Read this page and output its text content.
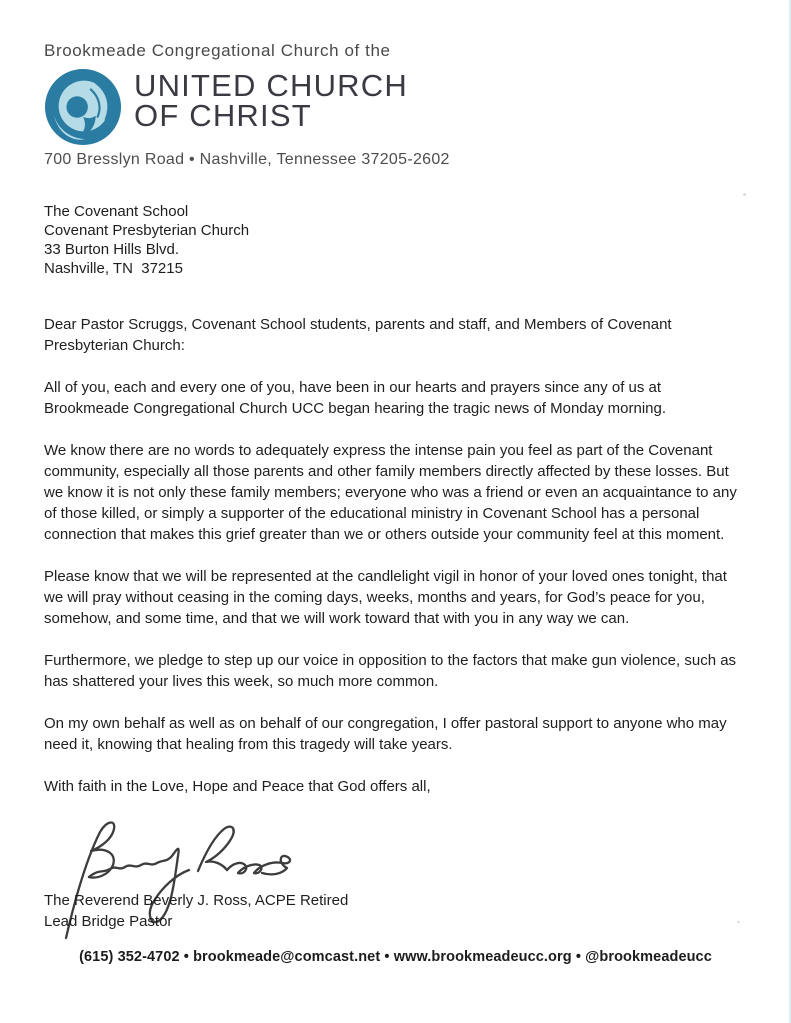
Brookmeade Congregational Church of the
UNITED CHURCH
OF CHRIST
700 Bresslyn Road • Nashville, Tennessee 37205-2602

The Covenant School

Covenant Presbyterian Church

33 Burton Hills Blvd.

Nashville, TN  37215

Dear Pastor Scruggs, Covenant School students, parents and staff, and Members of Covenant Presbyterian Church:

All of you, each and every one of you, have been in our hearts and prayers since any of us at Brookmeade Congregational Church UCC began hearing the tragic news of Monday morning.

We know there are no words to adequately express the intense pain you feel as part of the Covenant community, especially all those parents and other family members directly affected by these losses. But we know it is not only these family members; everyone who was a friend or even an acquaintance to any of those killed, or simply a supporter of the educational ministry in Covenant School has a personal connection that makes this grief greater than we or others outside your community feel at this moment.

Please know that we will be represented at the candlelight vigil in honor of your loved ones tonight, that we will pray without ceasing in the coming days, weeks, months and years, for God’s peace for you, somehow, and some time, and that we will work toward that with you in any way we can.

Furthermore, we pledge to step up our voice in opposition to the factors that make gun violence, such as has shattered your lives this week, so much more common.

On my own behalf as well as on behalf of our congregation, I offer pastoral support to anyone who may need it, knowing that healing from this tragedy will take years.

With faith in the Love, Hope and Peace that God offers all,

The Reverend Beverly J. Ross, ACPE Retired

Lead Bridge Pastor

(615) 352-4702 • brookmeade@comcast.net • www.brookmeadeucc.org • @brookmeadeucc
